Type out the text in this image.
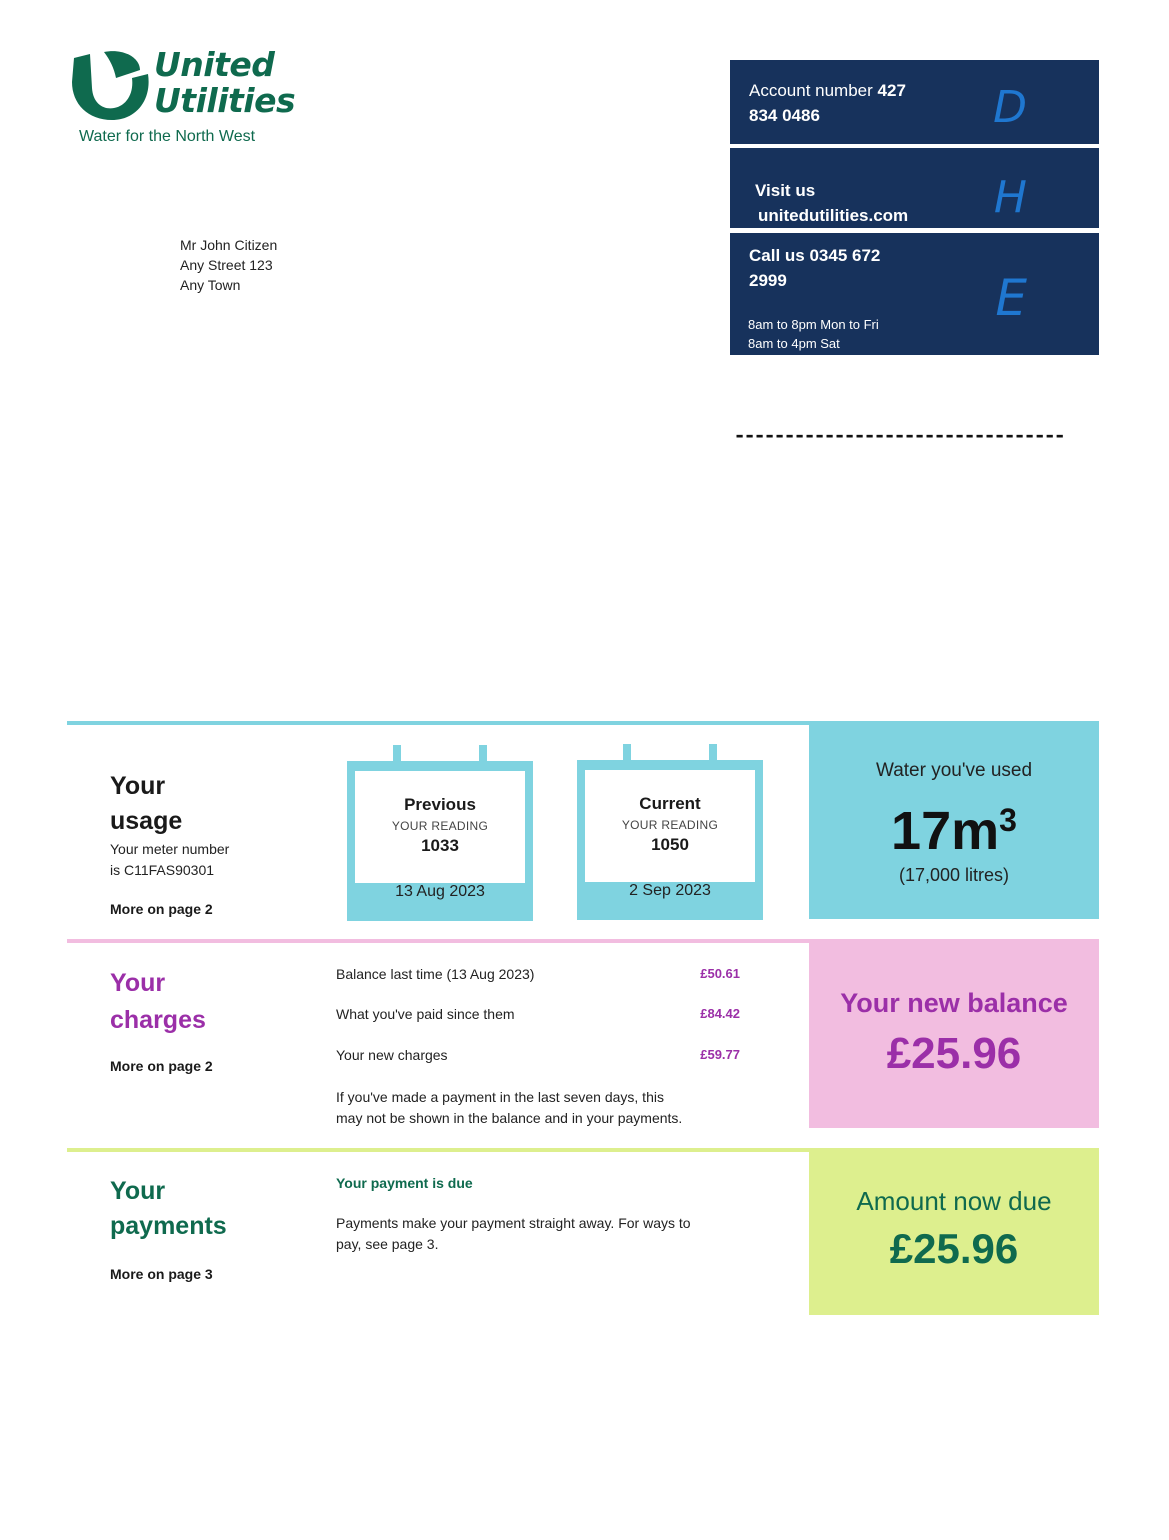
United
Utilities
Water for the North West
Mr John Citizen
Any Street 123
Any Town
Account number 427
834 0486	D
Visit us
unitedutilities.com H
Call us 0345 672
2999
8am to 8pm Mon to Fri
8am to 4pm Sat
E
---------------------------------
Your
usage
Your meter number
is C11FAS90301
More on page 2
Previous
YOUR READING
1033
13 Aug 2023
Current
YOUR READING
1050
2 Sep 2023
Water you've used
$17m^3$
(17,000 litres)
Your
charges
More on page 2
Balance last time (13 Aug 2023)	£50.61
What you've paid since them	£84.42
Your new charges	£59.77
If you've made a payment in the last seven days, this
may not be shown in the balance and in your payments.
Your new balance
£25.96
Your
payments
More on page 3
Your payment is due
Payments make your payment straight away. For ways to
pay, see page 3.
Amount now due
£25.96
